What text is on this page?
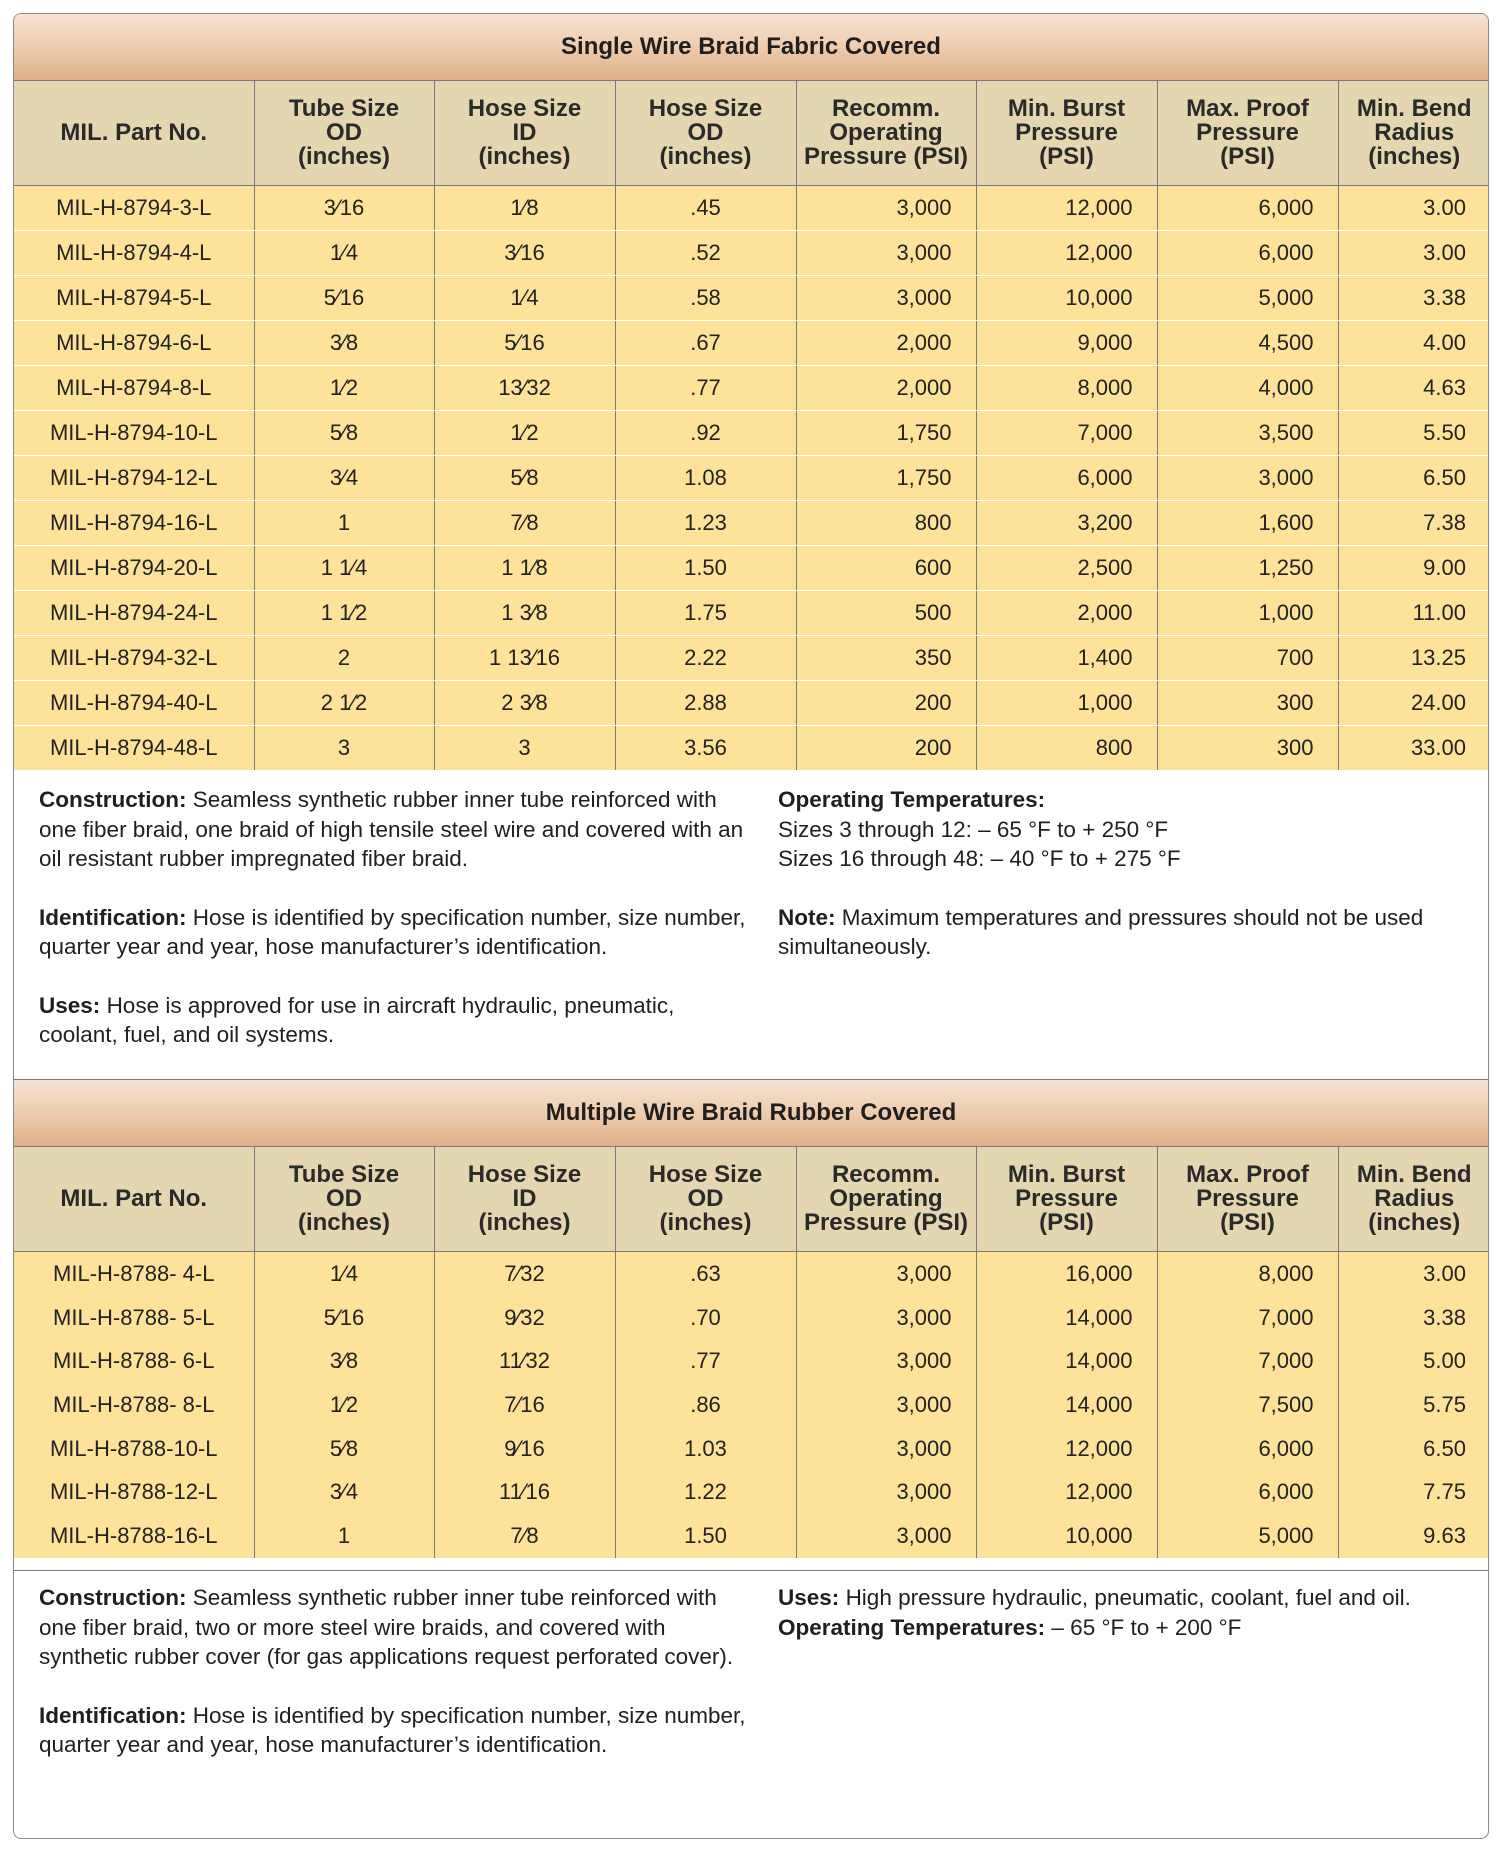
Single Wire Braid Fabric Covered
MIL. Part No.	Tube Size
OD
(inches)	Hose Size
ID
(inches)	Hose Size
OD
(inches)	Recomm.
Operating
Pressure (PSI)	Min. Burst
Pressure
(PSI)	Max. Proof
Pressure
(PSI)	Min. Bend
Radius
(inches)
MIL-H-8794-3-L	3⁄16	1⁄8	.45	3,000	12,000	6,000	3.00
MIL-H-8794-4-L	1⁄4	3⁄16	.52	3,000	12,000	6,000	3.00
MIL-H-8794-5-L	5⁄16	1⁄4	.58	3,000	10,000	5,000	3.38
MIL-H-8794-6-L	3⁄8	5⁄16	.67	2,000	9,000	4,500	4.00
MIL-H-8794-8-L	1⁄2	13⁄32	.77	2,000	8,000	4,000	4.63
MIL-H-8794-10-L	5⁄8	1⁄2	.92	1,750	7,000	3,500	5.50
MIL-H-8794-12-L	3⁄4	5⁄8	1.08	1,750	6,000	3,000	6.50
MIL-H-8794-16-L	1	7⁄8	1.23	800	3,200	1,600	7.38
MIL-H-8794-20-L	1 1⁄4	1 1⁄8	1.50	600	2,500	1,250	9.00
MIL-H-8794-24-L	1 1⁄2	1 3⁄8	1.75	500	2,000	1,000	11.00
MIL-H-8794-32-L	2	1 13⁄16	2.22	350	1,400	700	13.25
MIL-H-8794-40-L	2 1⁄2	2 3⁄8	2.88	200	1,000	300	24.00
MIL-H-8794-48-L	3	3	3.56	200	800	300	33.00

Construction: Seamless synthetic rubber inner tube reinforced with one fiber braid, one braid of high tensile steel wire and covered with an oil resistant rubber impregnated fiber braid.

Identification: Hose is identified by specification number, size number, quarter year and year, hose manufacturer’s identification.

Uses: Hose is approved for use in aircraft hydraulic, pneumatic, coolant, fuel, and oil systems.

Operating Temperatures:
Sizes 3 through 12: – 65 °F to + 250 °F
Sizes 16 through 48: – 40 °F to + 275 °F

Note: Maximum temperatures and pressures should not be used simultaneously.

Multiple Wire Braid Rubber Covered
MIL. Part No.	Tube Size
OD
(inches)	Hose Size
ID
(inches)	Hose Size
OD
(inches)	Recomm.
Operating
Pressure (PSI)	Min. Burst
Pressure
(PSI)	Max. Proof
Pressure
(PSI)	Min. Bend
Radius
(inches)
MIL-H-8788- 4-L	1⁄4	7⁄32	.63	3,000	16,000	8,000	3.00
MIL-H-8788- 5-L	5⁄16	9⁄32	.70	3,000	14,000	7,000	3.38
MIL-H-8788- 6-L	3⁄8	11⁄32	.77	3,000	14,000	7,000	5.00
MIL-H-8788- 8-L	1⁄2	7⁄16	.86	3,000	14,000	7,500	5.75
MIL-H-8788-10-L	5⁄8	9⁄16	1.03	3,000	12,000	6,000	6.50
MIL-H-8788-12-L	3⁄4	11⁄16	1.22	3,000	12,000	6,000	7.75
MIL-H-8788-16-L	1	7⁄8	1.50	3,000	10,000	5,000	9.63

Construction: Seamless synthetic rubber inner tube reinforced with one fiber braid, two or more steel wire braids, and covered with synthetic rubber cover (for gas applications request perforated cover).

Identification: Hose is identified by specification number, size number, quarter year and year, hose manufacturer’s identification.

Uses: High pressure hydraulic, pneumatic, coolant, fuel and oil.
Operating Temperatures: – 65 °F to + 200 °F
